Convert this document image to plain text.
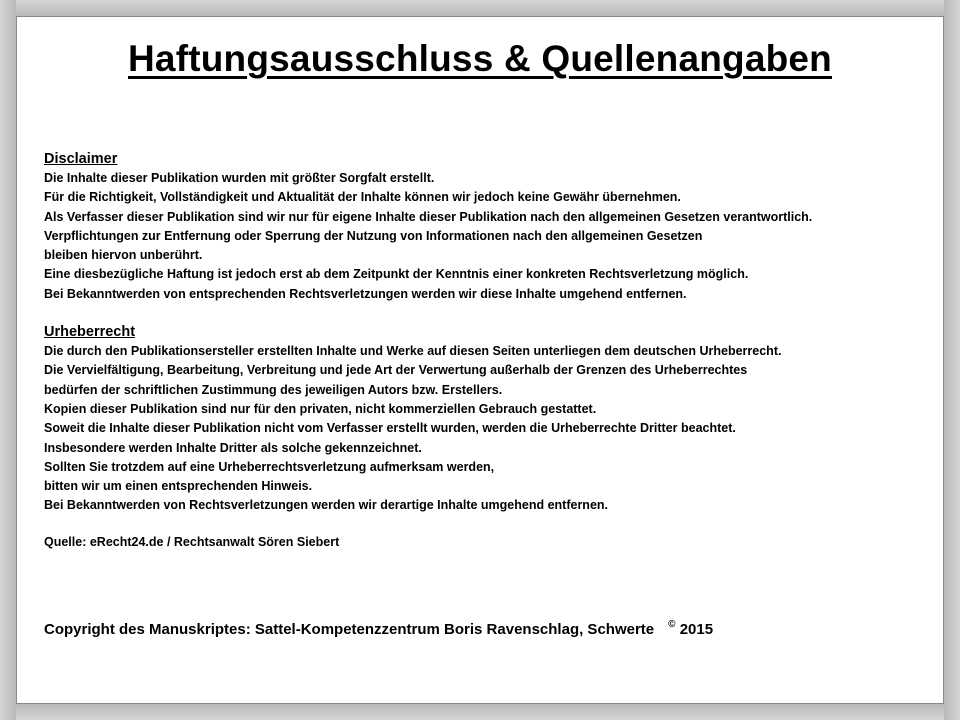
Haftungsausschluss & Quellenangaben
Disclaimer
Die Inhalte dieser Publikation wurden mit größter Sorgfalt erstellt.
Für die Richtigkeit, Vollständigkeit und Aktualität der Inhalte können wir jedoch keine Gewähr übernehmen.
Als Verfasser dieser Publikation sind wir nur für eigene Inhalte dieser Publikation nach den allgemeinen Gesetzen verantwortlich.
Verpflichtungen zur Entfernung oder Sperrung der Nutzung von Informationen nach den allgemeinen Gesetzen
bleiben hiervon unberührt.
Eine diesbezügliche Haftung ist jedoch erst ab dem Zeitpunkt der Kenntnis einer konkreten Rechtsverletzung möglich.
Bei Bekanntwerden von entsprechenden Rechtsverletzungen werden wir diese Inhalte umgehend entfernen.
Urheberrecht
Die durch den Publikationsersteller erstellten Inhalte und Werke auf diesen Seiten unterliegen dem deutschen Urheberrecht.
Die Vervielfältigung, Bearbeitung, Verbreitung und jede Art der Verwertung außerhalb der Grenzen des Urheberrechtes
bedürfen der schriftlichen Zustimmung des jeweiligen Autors bzw. Erstellers.
Kopien dieser Publikation sind nur für den privaten, nicht kommerziellen Gebrauch gestattet.
Soweit die Inhalte dieser Publikation nicht vom Verfasser erstellt wurden, werden die Urheberrechte Dritter beachtet.
Insbesondere werden Inhalte Dritter als solche gekennzeichnet.
Sollten Sie trotzdem auf eine Urheberrechtsverletzung aufmerksam werden,
bitten wir um einen entsprechenden Hinweis.
Bei Bekanntwerden von Rechtsverletzungen werden wir derartige Inhalte umgehend entfernen.
Quelle: eRecht24.de / Rechtsanwalt Sören Siebert
Copyright des Manuskriptes: Sattel-Kompetenzzentrum Boris Ravenschlag, Schwerte © 2015
